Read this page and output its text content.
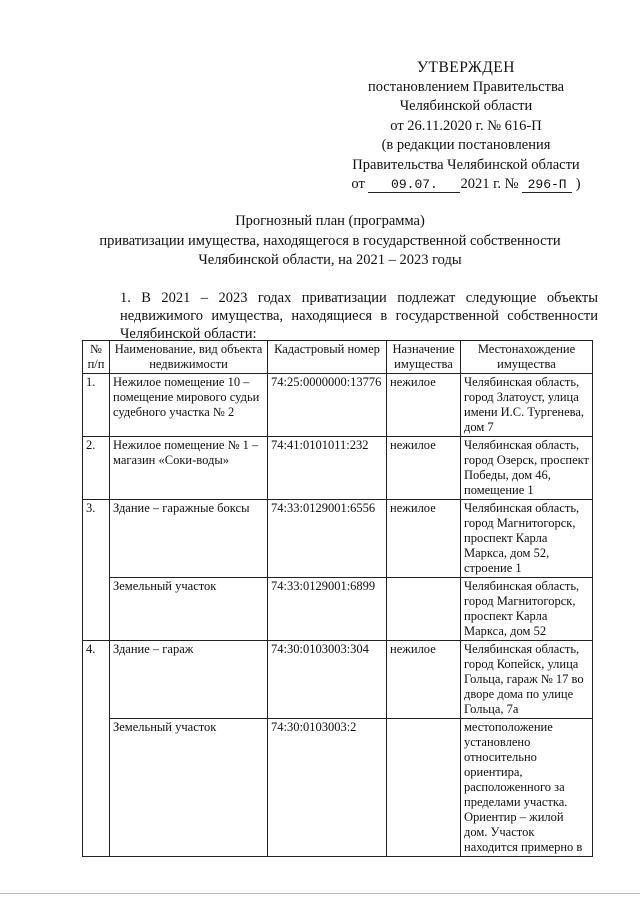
УТВЕРЖДЕН
постановлением Правительства
Челябинской области
от 26.11.2020 г. № 616-П
(в редакции постановления
Правительства Челябинской области
от 09.07. 2021 г. № 296-П )
Прогнозный план (программа)
приватизации имущества, находящегося в государственной собственности
Челябинской области, на 2021 – 2023 годы
1. В 2021 – 2023 годах приватизации подлежат следующие объекты недвижимого имущества, находящиеся в государственной собственности Челябинской области:
№ п/п	Наименование, вид объекта недвижимости	Кадастровый номер	Назначение имущества	Местонахождение имущества
1.	Нежилое помещение 10 – помещение мирового судьи судебного участка № 2	74:25:0000000:13776	нежилое	Челябинская область, город Златоуст, улица имени И.С. Тургенева, дом 7
2.	Нежилое помещение № 1 – магазин «Соки-воды»	74:41:0101011:232	нежилое	Челябинская область, город Озерск, проспект Победы, дом 46, помещение 1
3.	Здание – гаражные боксы	74:33:0129001:6556	нежилое	Челябинская область, город Магнитогорск, проспект Карла Маркса, дом 52, строение 1
	Земельный участок	74:33:0129001:6899		Челябинская область, город Магнитогорск, проспект Карла Маркса, дом 52
4.	Здание – гараж	74:30:0103003:304	нежилое	Челябинская область, город Копейск, улица Гольца, гараж № 17 во дворе дома по улице Гольца, 7а
	Земельный участок	74:30:0103003:2		местоположение установлено относительно ориентира, расположенного за пределами участка. Ориентир – жилой дом. Участок находится примерно в
